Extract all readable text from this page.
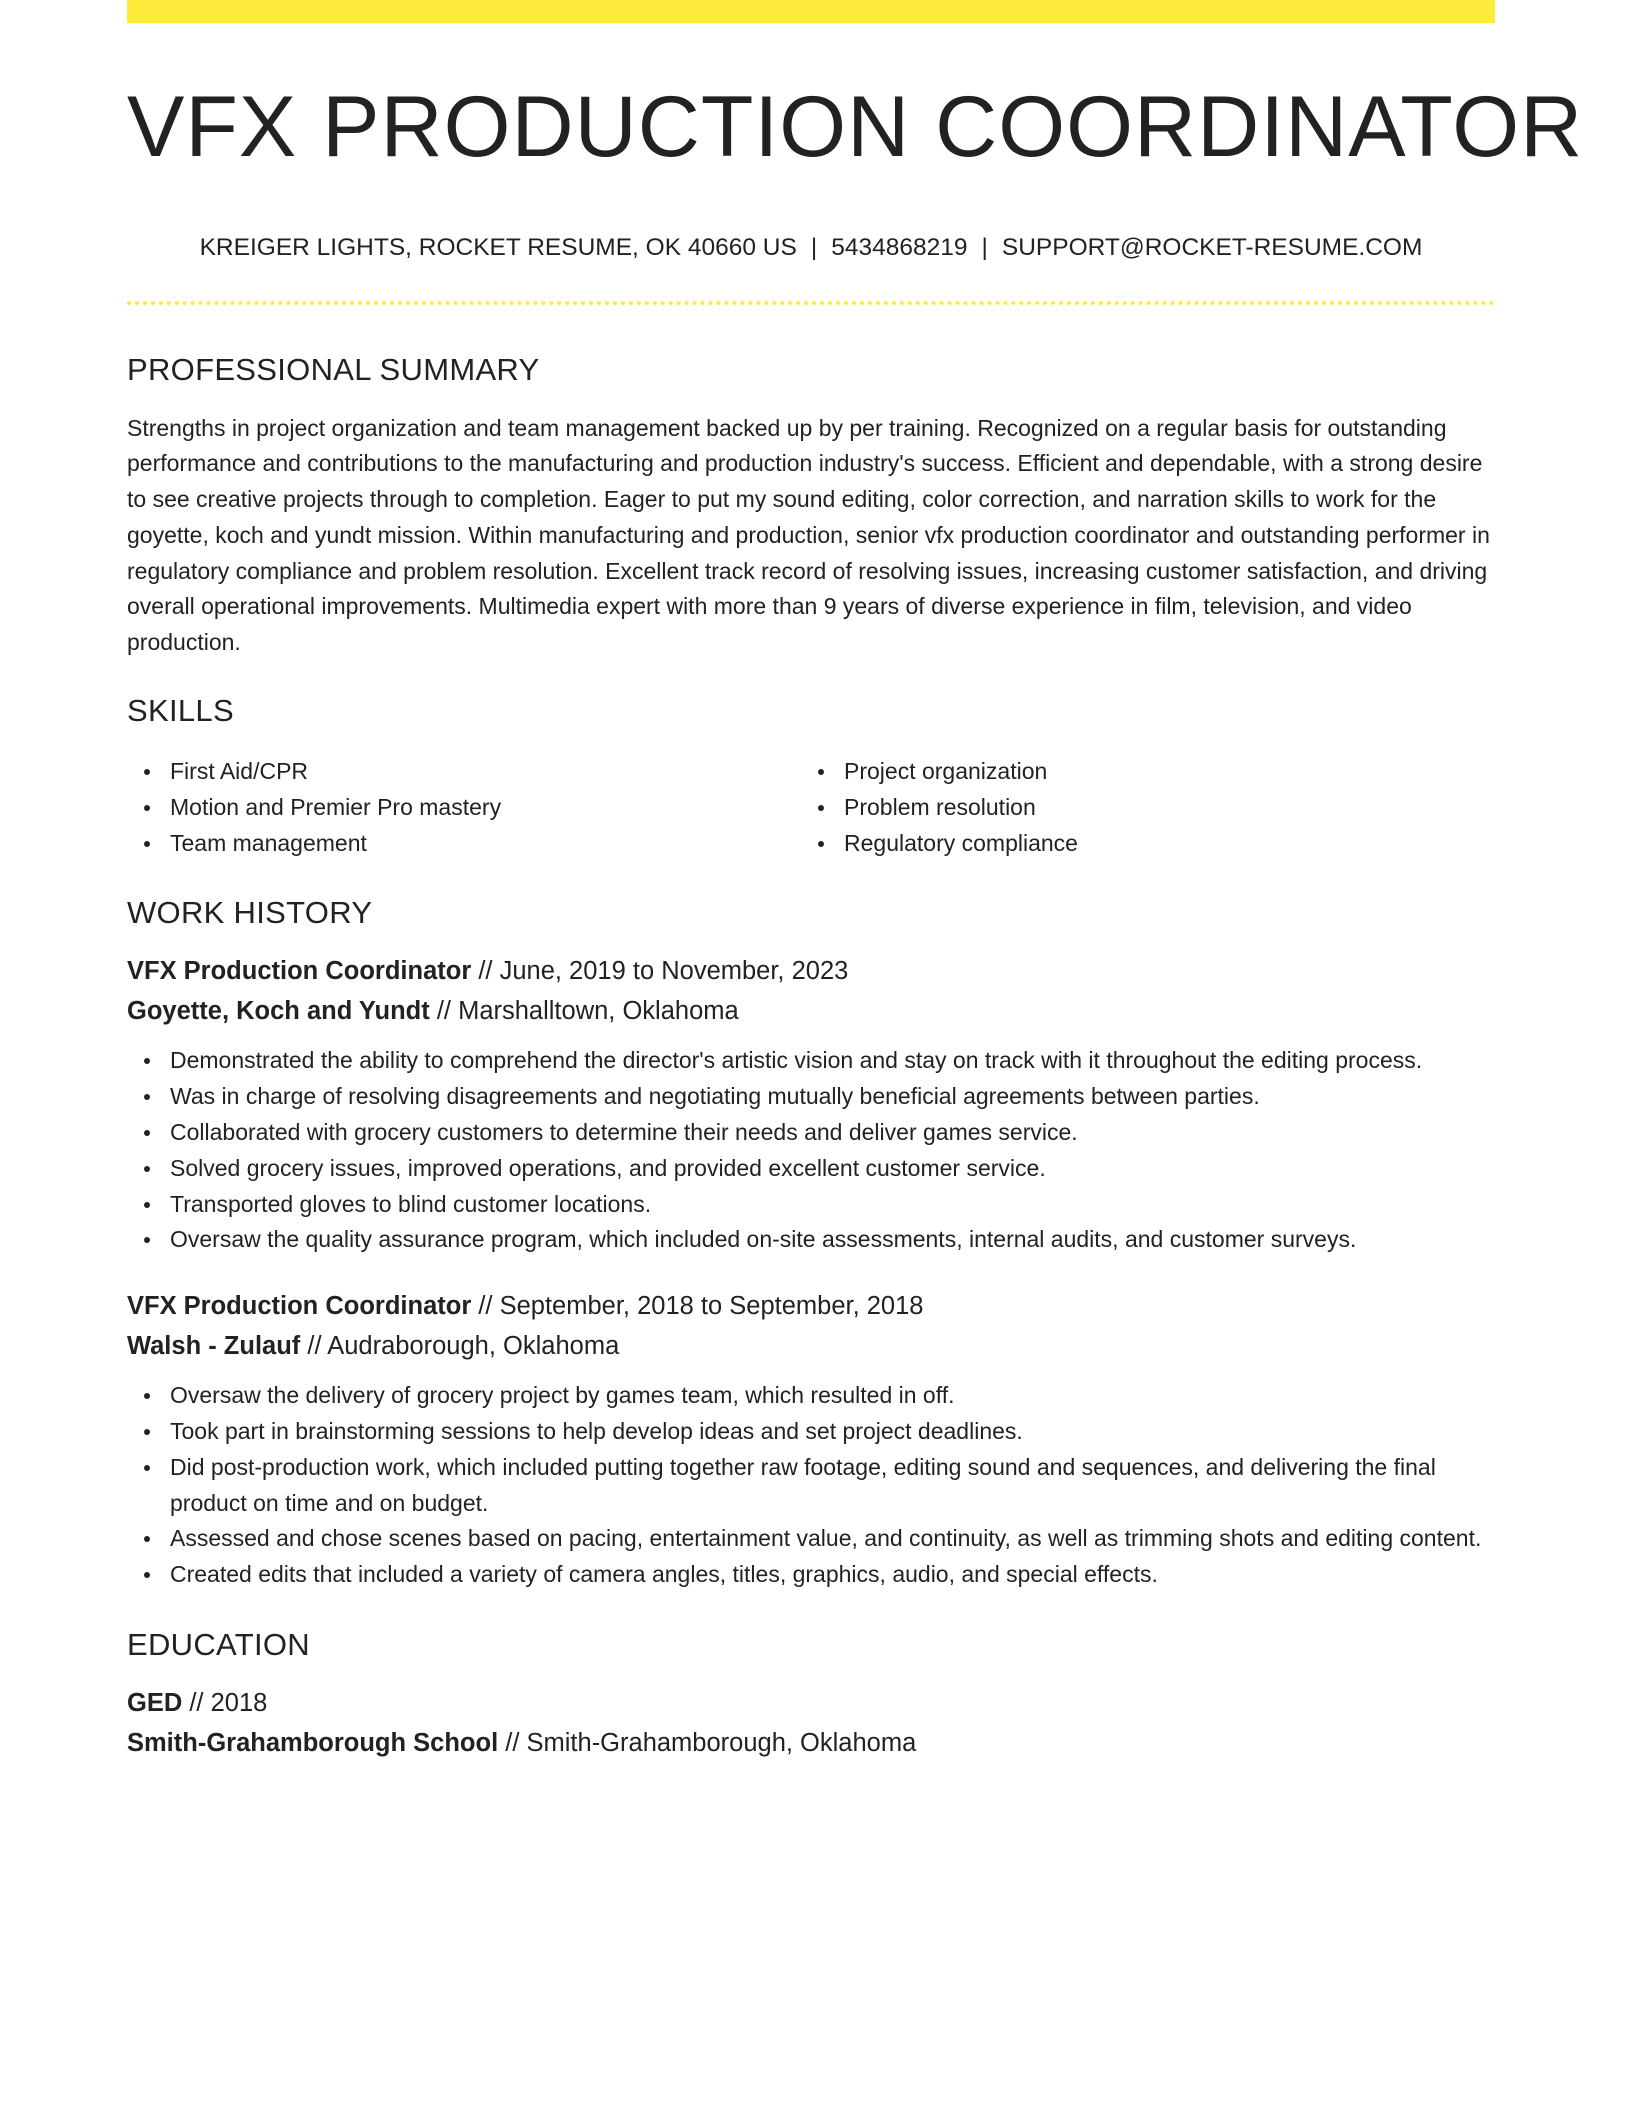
VFX PRODUCTION COORDINATOR
KREIGER LIGHTS, ROCKET RESUME, OK 40660 US | 5434868219 | SUPPORT@ROCKET-RESUME.COM
PROFESSIONAL SUMMARY

Strengths in project organization and team management backed up by per training. Recognized on a regular basis for outstanding performance and contributions to the manufacturing and production industry's success. Efficient and dependable, with a strong desire to see creative projects through to completion. Eager to put my sound editing, color correction, and narration skills to work for the goyette, koch and yundt mission. Within manufacturing and production, senior vfx production coordinator and outstanding performer in regulatory compliance and problem resolution. Excellent track record of resolving issues, increasing customer satisfaction, and driving overall operational improvements. Multimedia expert with more than 9 years of diverse experience in film, television, and video production.

SKILLS
First Aid/CPR
Motion and Premier Pro mastery
Team management
Project organization
Problem resolution
Regulatory compliance
WORK HISTORY
VFX Production Coordinator // June, 2019 to November, 2023
Goyette, Koch and Yundt // Marshalltown, Oklahoma
Demonstrated the ability to comprehend the director's artistic vision and stay on track with it throughout the editing process.
Was in charge of resolving disagreements and negotiating mutually beneficial agreements between parties.
Collaborated with grocery customers to determine their needs and deliver games service.
Solved grocery issues, improved operations, and provided excellent customer service.
Transported gloves to blind customer locations.
Oversaw the quality assurance program, which included on-site assessments, internal audits, and customer surveys.
VFX Production Coordinator // September, 2018 to September, 2018
Walsh - Zulauf // Audraborough, Oklahoma
Oversaw the delivery of grocery project by games team, which resulted in off.
Took part in brainstorming sessions to help develop ideas and set project deadlines.
Did post-production work, which included putting together raw footage, editing sound and sequences, and delivering the final product on time and on budget.
Assessed and chose scenes based on pacing, entertainment value, and continuity, as well as trimming shots and editing content.
Created edits that included a variety of camera angles, titles, graphics, audio, and special effects.
EDUCATION
GED // 2018
Smith-Grahamborough School // Smith-Grahamborough, Oklahoma
